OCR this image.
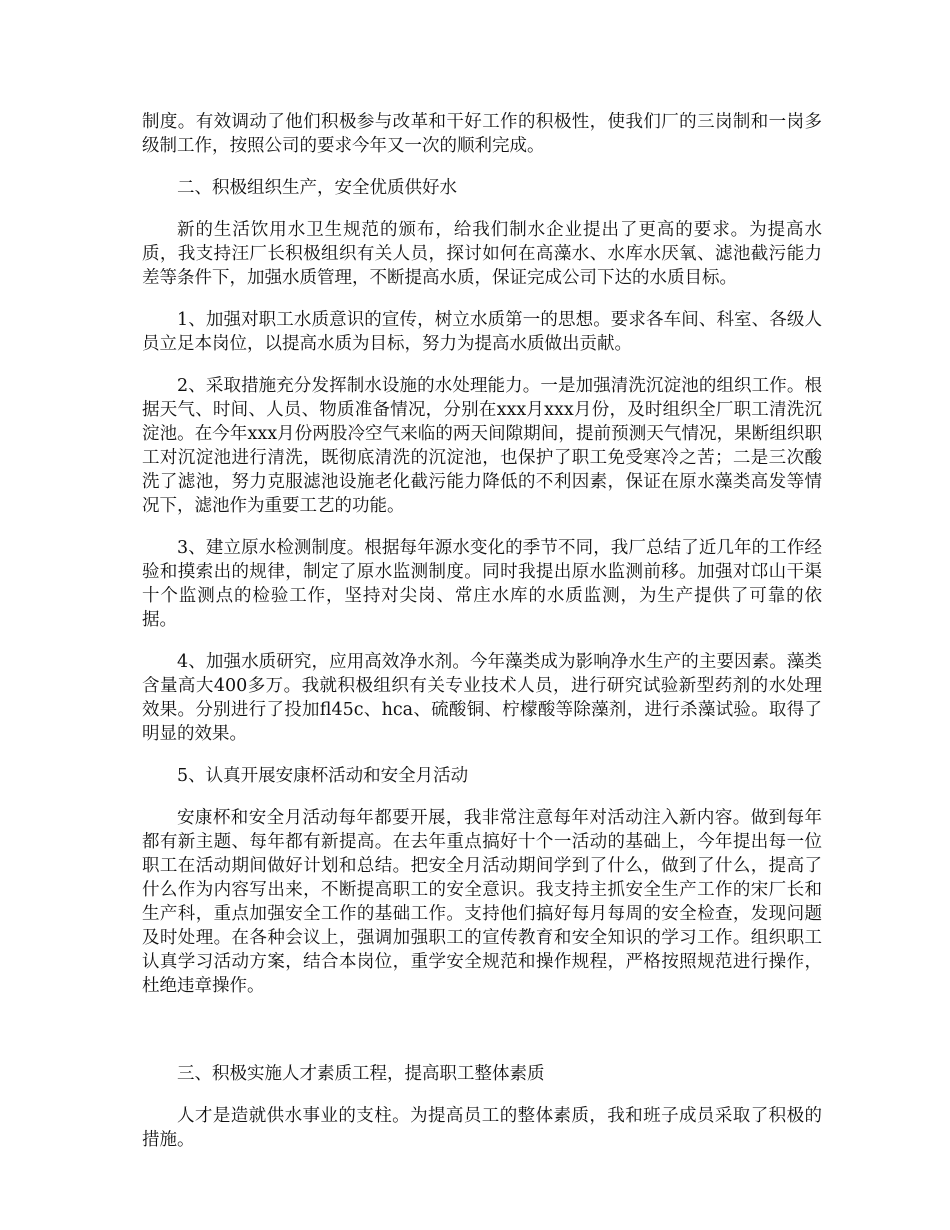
制度。有效调动了他们积极参与改革和干好工作的积极性，使我们厂的三岗制和一岗多级制工作，按照公司的要求今年又一次的顺利完成。

二、积极组织生产，安全优质供好水

新的生活饮用水卫生规范的颁布，给我们制水企业提出了更高的要求。为提高水质，我支持汪厂长积极组织有关人员，探讨如何在高藻水、水库水厌氧、滤池截污能力差等条件下，加强水质管理，不断提高水质，保证完成公司下达的水质目标。

1、加强对职工水质意识的宣传，树立水质第一的思想。要求各车间、科室、各级人员立足本岗位，以提高水质为目标，努力为提高水质做出贡献。

2、采取措施充分发挥制水设施的水处理能力。一是加强清洗沉淀池的组织工作。根据天气、时间、人员、物质准备情况，分别在xxx月xxx月份，及时组织全厂职工清洗沉淀池。在今年xxx月份两股冷空气来临的两天间隙期间，提前预测天气情况，果断组织职工对沉淀池进行清洗，既彻底清洗的沉淀池，也保护了职工免受寒冷之苦；二是三次酸洗了滤池，努力克服滤池设施老化截污能力降低的不利因素，保证在原水藻类高发等情况下，滤池作为重要工艺的功能。

3、建立原水检测制度。根据每年源水变化的季节不同，我厂总结了近几年的工作经验和摸索出的规律，制定了原水监测制度。同时我提出原水监测前移。加强对邙山干渠十个监测点的检验工作，坚持对尖岗、常庄水库的水质监测，为生产提供了可靠的依据。

4、加强水质研究，应用高效净水剂。今年藻类成为影响净水生产的主要因素。藻类含量高大400多万。我就积极组织有关专业技术人员，进行研究试验新型药剂的水处理效果。分别进行了投加fl45c、hca、硫酸铜、柠檬酸等除藻剂，进行杀藻试验。取得了明显的效果。

5、认真开展安康杯活动和安全月活动

安康杯和安全月活动每年都要开展，我非常注意每年对活动注入新内容。做到每年都有新主题、每年都有新提高。在去年重点搞好十个一活动的基础上，今年提出每一位职工在活动期间做好计划和总结。把安全月活动期间学到了什么，做到了什么，提高了什么作为内容写出来，不断提高职工的安全意识。我支持主抓安全生产工作的宋厂长和生产科，重点加强安全工作的基础工作。支持他们搞好每月每周的安全检查，发现问题及时处理。在各种会议上，强调加强职工的宣传教育和安全知识的学习工作。组织职工认真学习活动方案，结合本岗位，重学安全规范和操作规程，严格按照规范进行操作，杜绝违章操作。

三、积极实施人才素质工程，提高职工整体素质

人才是造就供水事业的支柱。为提高员工的整体素质，我和班子成员采取了积极的措施。
